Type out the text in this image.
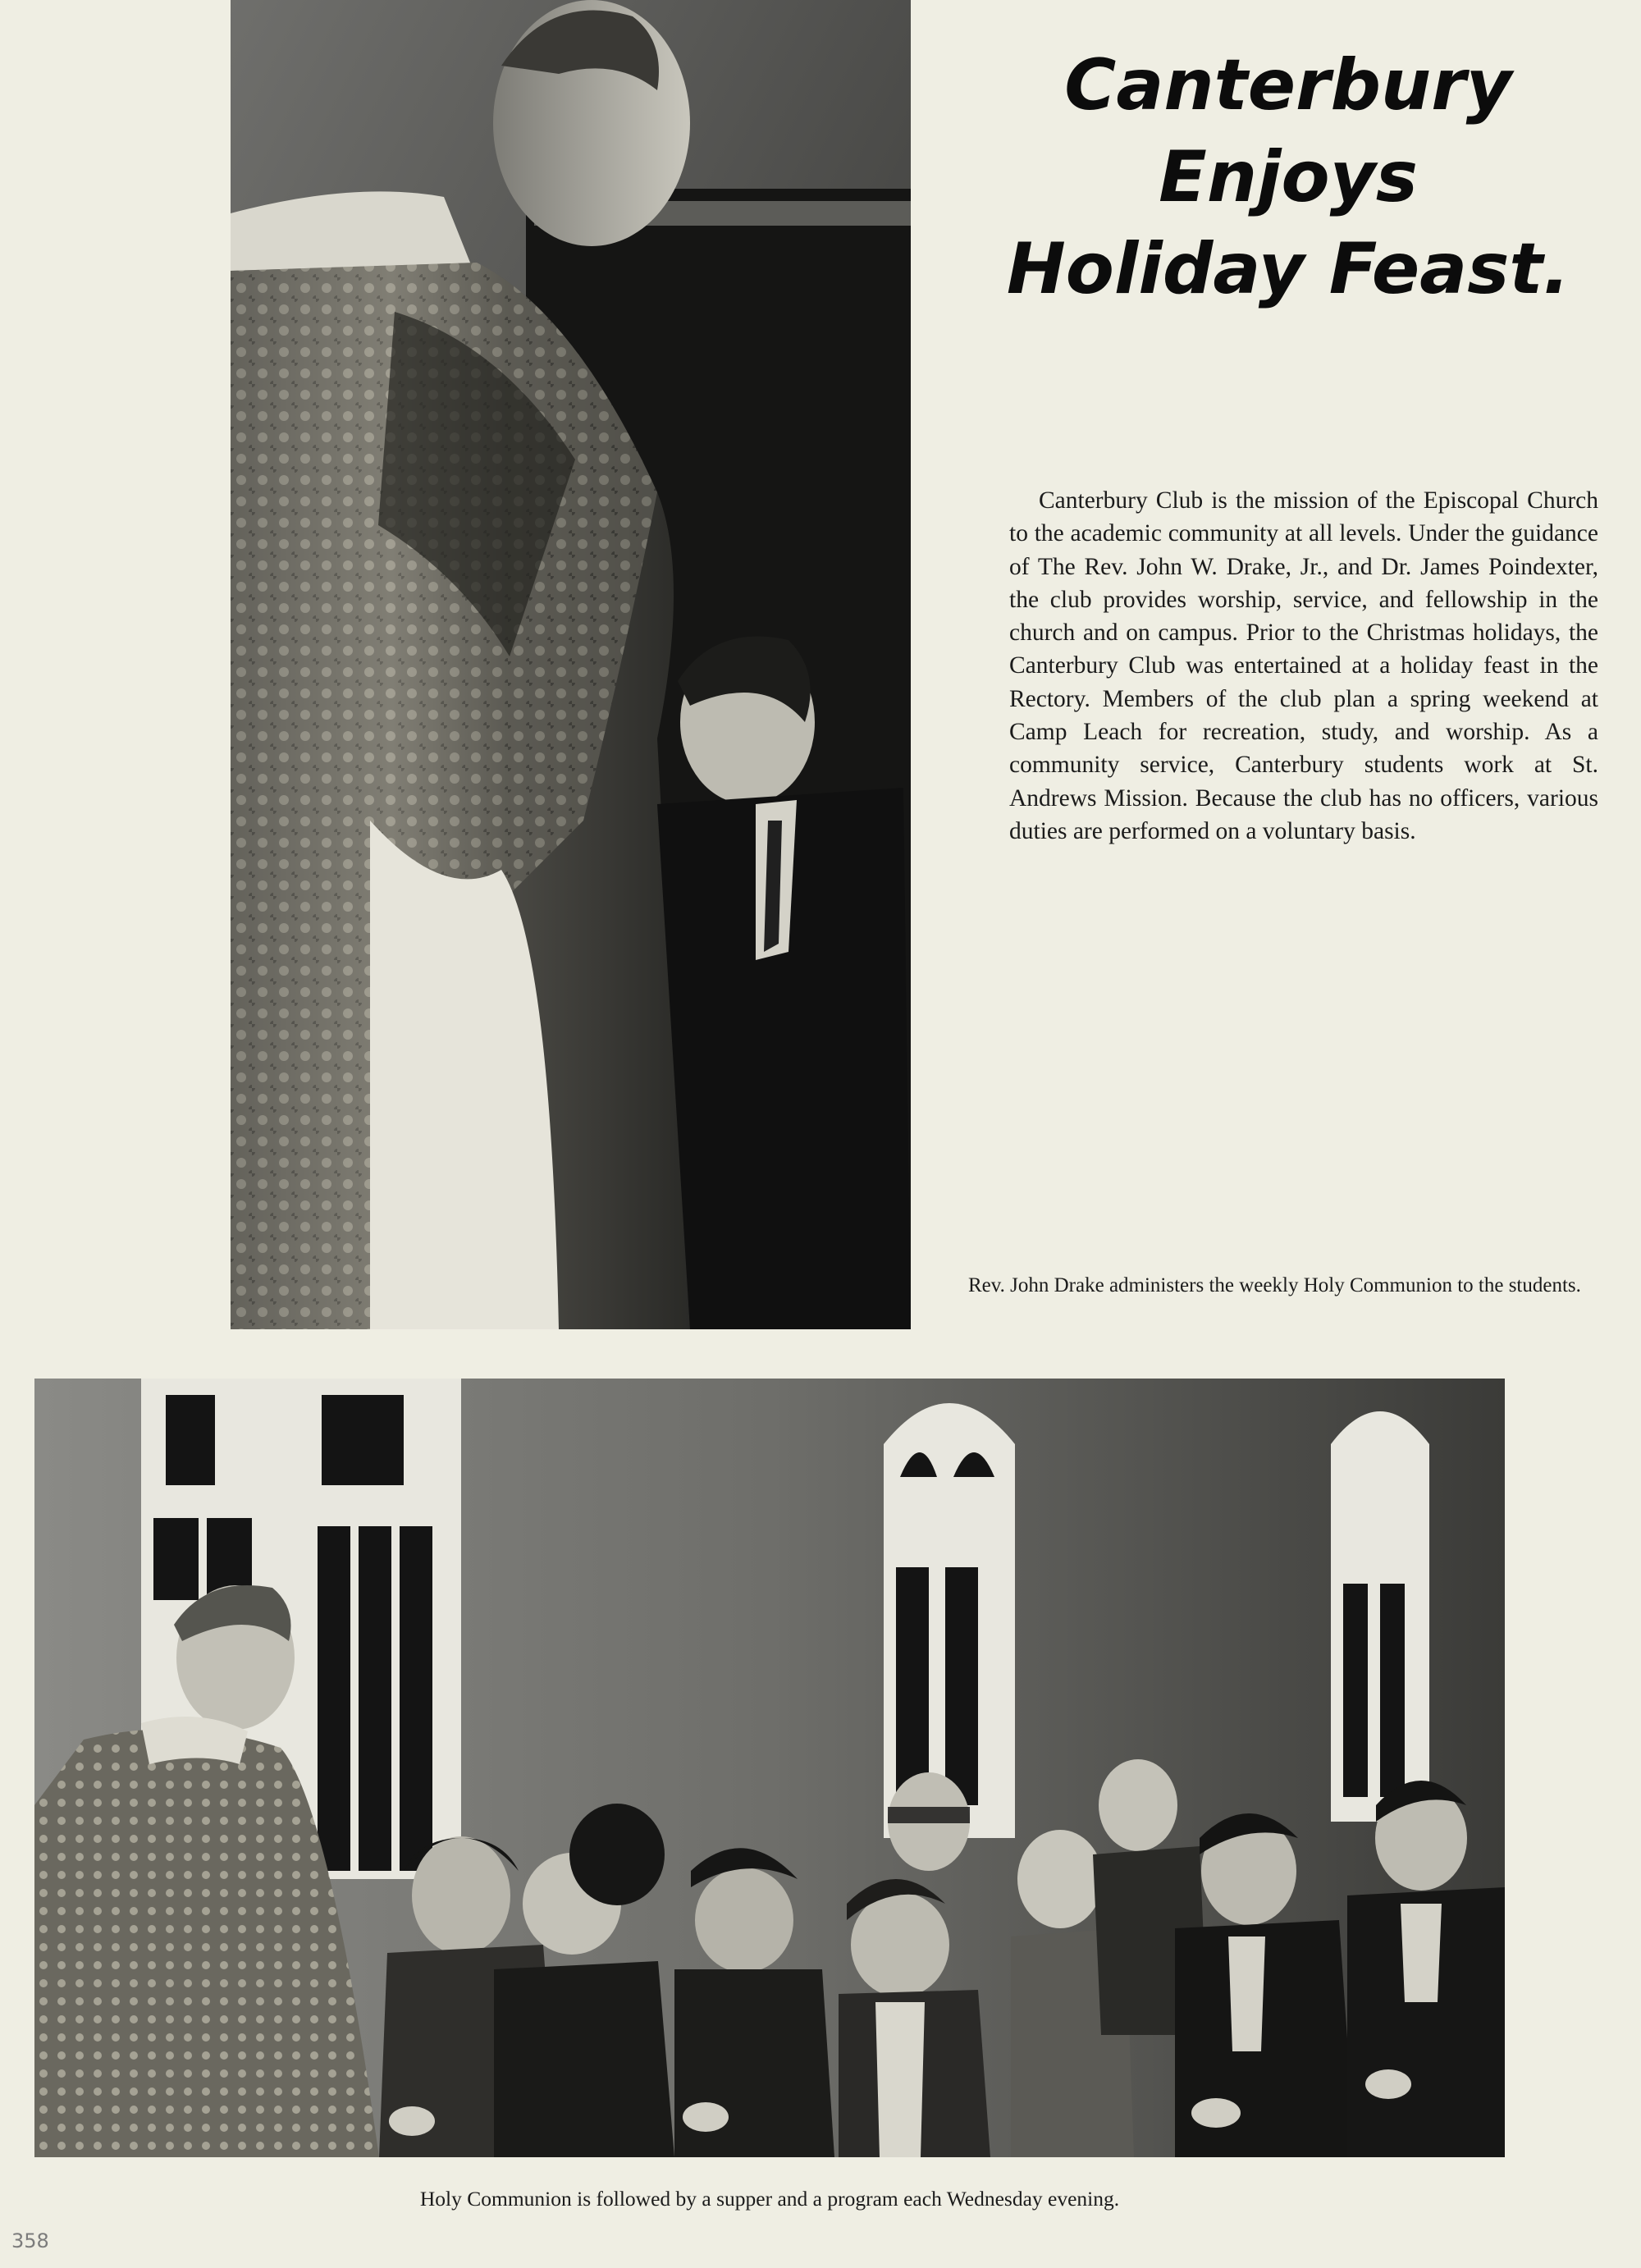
Canterbury Enjoys
Holiday Feast.

Canterbury Club is the mission of the Episcopal Church to the academic community at all levels. Under the guidance of The Rev. John W. Drake, Jr., and Dr. James Poindexter, the club provides worship, service, and fellowship in the church and on campus. Prior to the Christmas holidays, the Canterbury Club was entertained at a holiday feast in the Rectory. Members of the club plan a spring weekend at Camp Leach for recreation, study, and worship. As a community service, Canterbury students work at St. Andrews Mission. Because the club has no officers, various duties are performed on a voluntary basis.

Rev. John Drake administers the weekly Holy Communion to the students.

Holy Communion is followed by a supper and a program each Wednesday evening.

358
